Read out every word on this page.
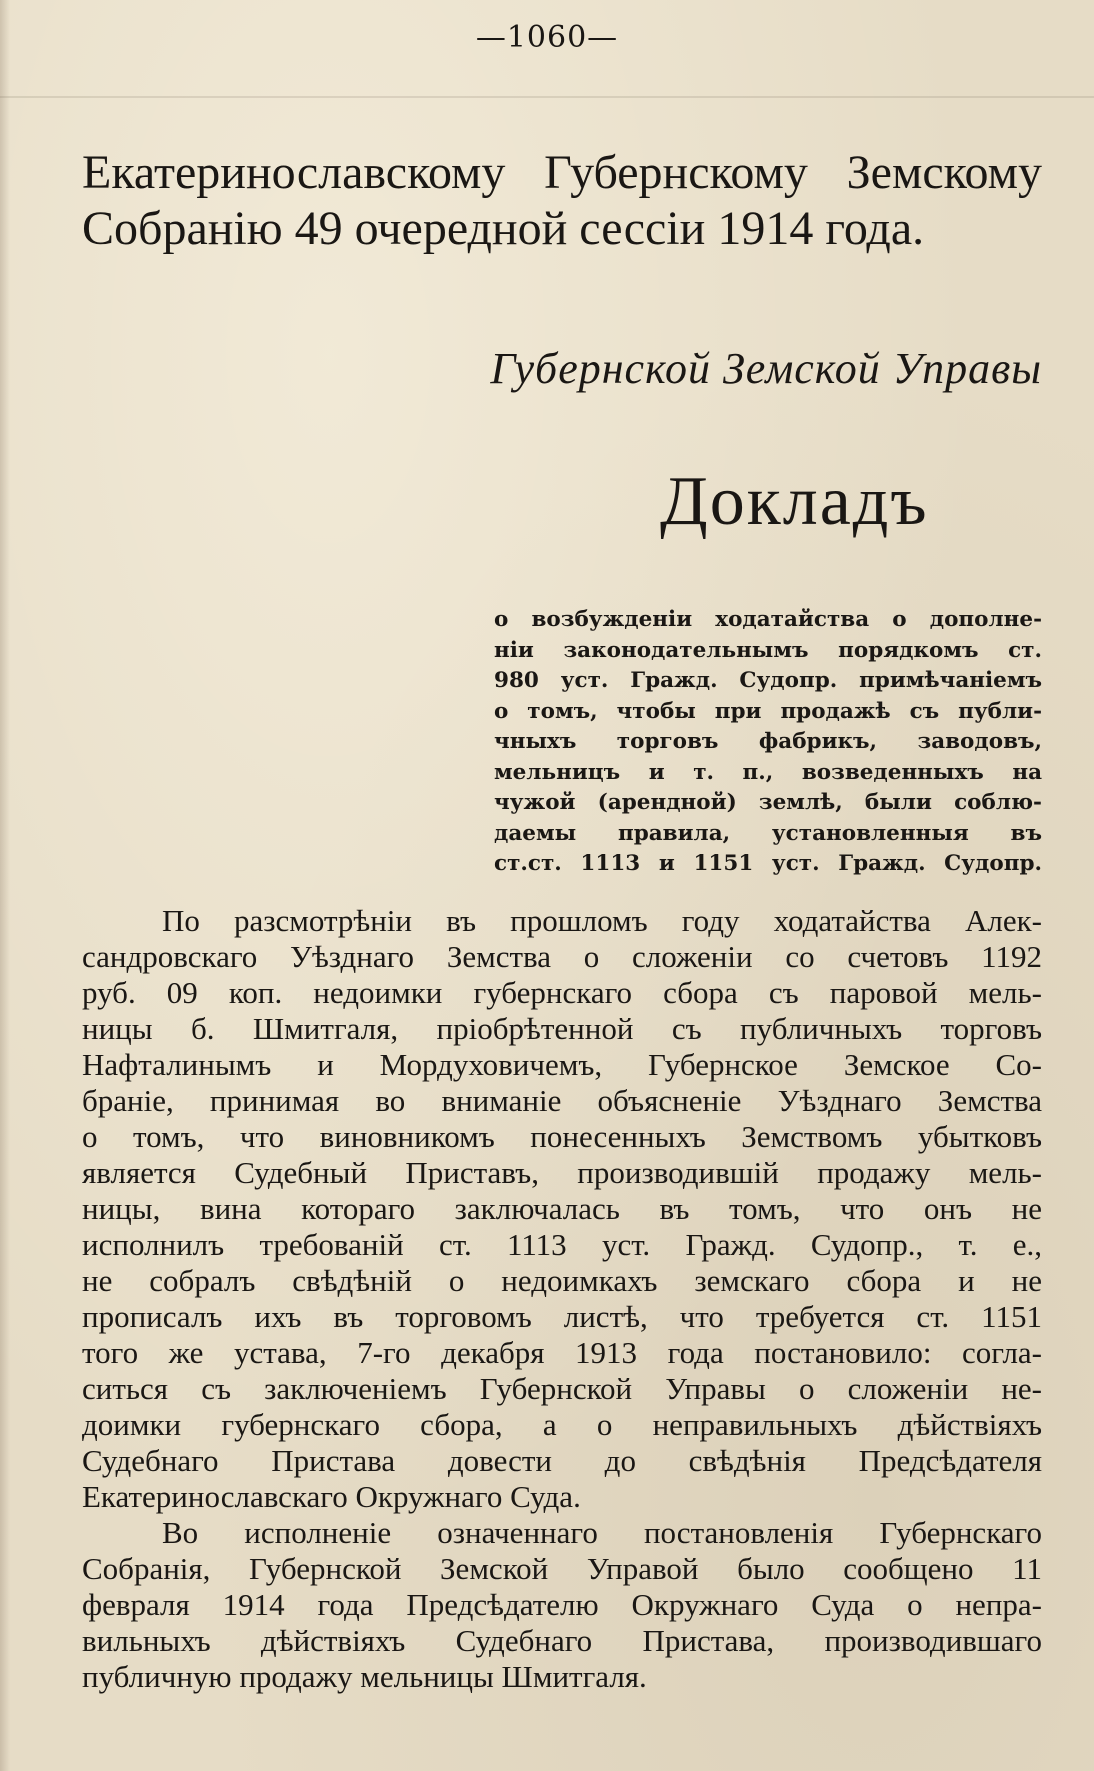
—1060—
Екатеринославскому Губернскому Земскому
Собранію 49 очередной сессіи 1914 года.
Губернской Земской Управы
Докладъ
о возбужденіи ходатайства о дополне-
ніи законодательнымъ порядкомъ ст.
980 уст. Гражд. Судопр. примѣчаніемъ
о томъ, чтобы при продажѣ съ публи-
чныхъ торговъ фабрикъ, заводовъ,
мельницъ и т. п., возведенныхъ на
чужой (арендной) землѣ, были соблю-
даемы правила, установленныя въ
ст.ст. 1113 и 1151 уст. Гражд. Судопр.
По разсмотрѣніи въ прошломъ году ходатайства Алек-
сандровскаго Уѣзднаго Земства о сложеніи со счетовъ 1192
руб. 09 коп. недоимки губернскаго сбора съ паровой мель-
ницы б. Шмитгаля, пріобрѣтенной съ публичныхъ торговъ
Нафталинымъ и Мордуховичемъ, Губернское Земское Со-
браніе, принимая во вниманіе объясненіе Уѣзднаго Земства
о томъ, что виновникомъ понесенныхъ Земствомъ убытковъ
является Судебный Приставъ, производившій продажу мель-
ницы, вина котораго заключалась въ томъ, что онъ не
исполнилъ требованій ст. 1113 уст. Гражд. Судопр., т. е.,
не собралъ свѣдѣній о недоимкахъ земскаго сбора и не
прописалъ ихъ въ торговомъ листѣ, что требуется ст. 1151
того же устава, 7-го декабря 1913 года постановило: согла-
ситься съ заключеніемъ Губернской Управы о сложеніи не-
доимки губернскаго сбора, а о неправильныхъ дѣйствіяхъ
Судебнаго Пристава довести до свѣдѣнія Предсѣдателя
Екатеринославскаго Окружнаго Суда.
Во исполненіе означеннаго постановленія Губернскаго
Собранія, Губернской Земской Управой было сообщено 11
февраля 1914 года Предсѣдателю Окружнаго Суда о непра-
вильныхъ дѣйствіяхъ Судебнаго Пристава, производившаго
публичную продажу мельницы Шмитгаля.
